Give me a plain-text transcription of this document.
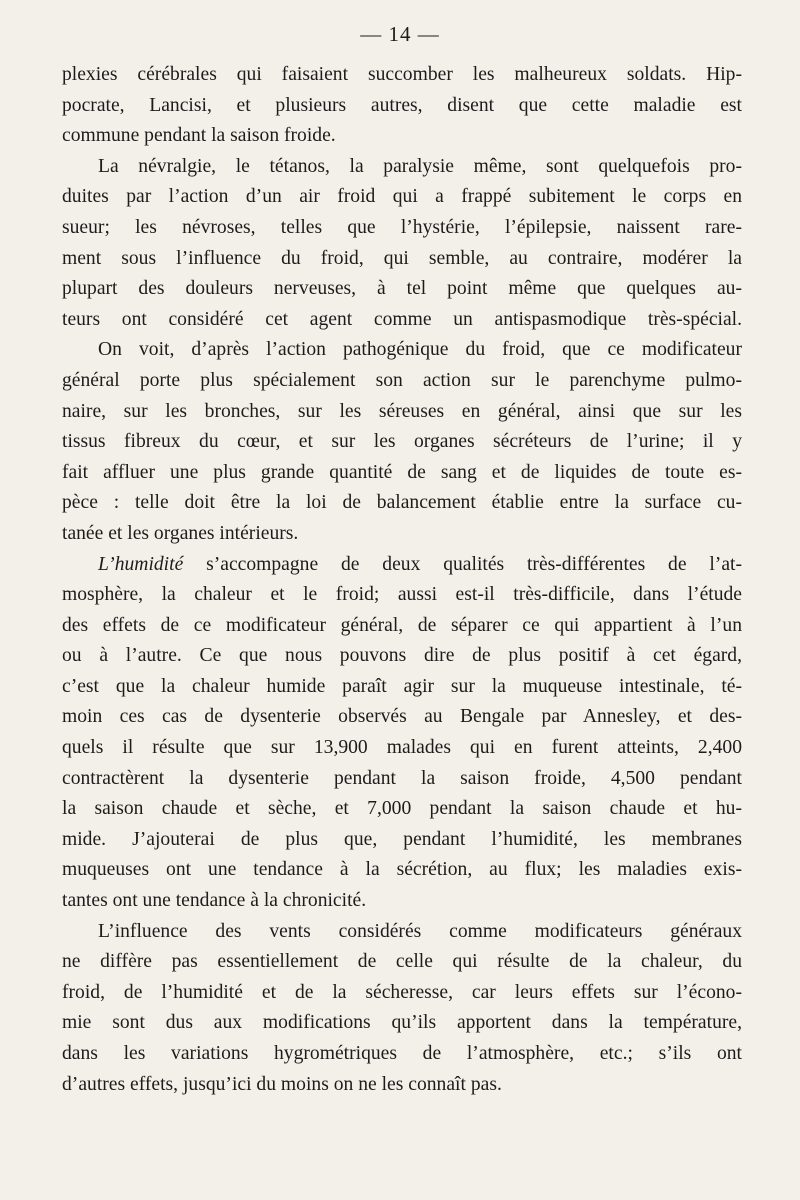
— 14 —

plexies cérébrales qui faisaient succomber les malheureux soldats. Hip-
pocrate, Lancisi, et plusieurs autres, disent que cette maladie est
commune pendant la saison froide.

La névralgie, le tétanos, la paralysie même, sont quelquefois pro-
duites par l’action d’un air froid qui a frappé subitement le corps en
sueur; les névroses, telles que l’hystérie, l’épilepsie, naissent rare-
ment sous l’influence du froid, qui semble, au contraire, modérer la
plupart des douleurs nerveuses, à tel point même que quelques au-
teurs ont considéré cet agent comme un antispasmodique très-spécial.

On voit, d’après l’action pathogénique du froid, que ce modificateur
général porte plus spécialement son action sur le parenchyme pulmo-
naire, sur les bronches, sur les séreuses en général, ainsi que sur les
tissus fibreux du cœur, et sur les organes sécréteurs de l’urine; il y
fait affluer une plus grande quantité de sang et de liquides de toute es-
pèce : telle doit être la loi de balancement établie entre la surface cu-
tanée et les organes intérieurs.

L’humidité s’accompagne de deux qualités très-différentes de l’at-
mosphère, la chaleur et le froid; aussi est-il très-difficile, dans l’étude
des effets de ce modificateur général, de séparer ce qui appartient à l’un
ou à l’autre. Ce que nous pouvons dire de plus positif à cet égard,
c’est que la chaleur humide paraît agir sur la muqueuse intestinale, té-
moin ces cas de dysenterie observés au Bengale par Annesley, et des-
quels il résulte que sur 13,900 malades qui en furent atteints, 2,400
contractèrent la dysenterie pendant la saison froide, 4,500 pendant
la saison chaude et sèche, et 7,000 pendant la saison chaude et hu-
mide. J’ajouterai de plus que, pendant l’humidité, les membranes
muqueuses ont une tendance à la sécrétion, au flux; les maladies exis-
tantes ont une tendance à la chronicité.

L’influence des vents considérés comme modificateurs généraux
ne diffère pas essentiellement de celle qui résulte de la chaleur, du
froid, de l’humidité et de la sécheresse, car leurs effets sur l’écono-
mie sont dus aux modifications qu’ils apportent dans la température,
dans les variations hygrométriques de l’atmosphère, etc.; s’ils ont
d’autres effets, jusqu’ici du moins on ne les connaît pas.
